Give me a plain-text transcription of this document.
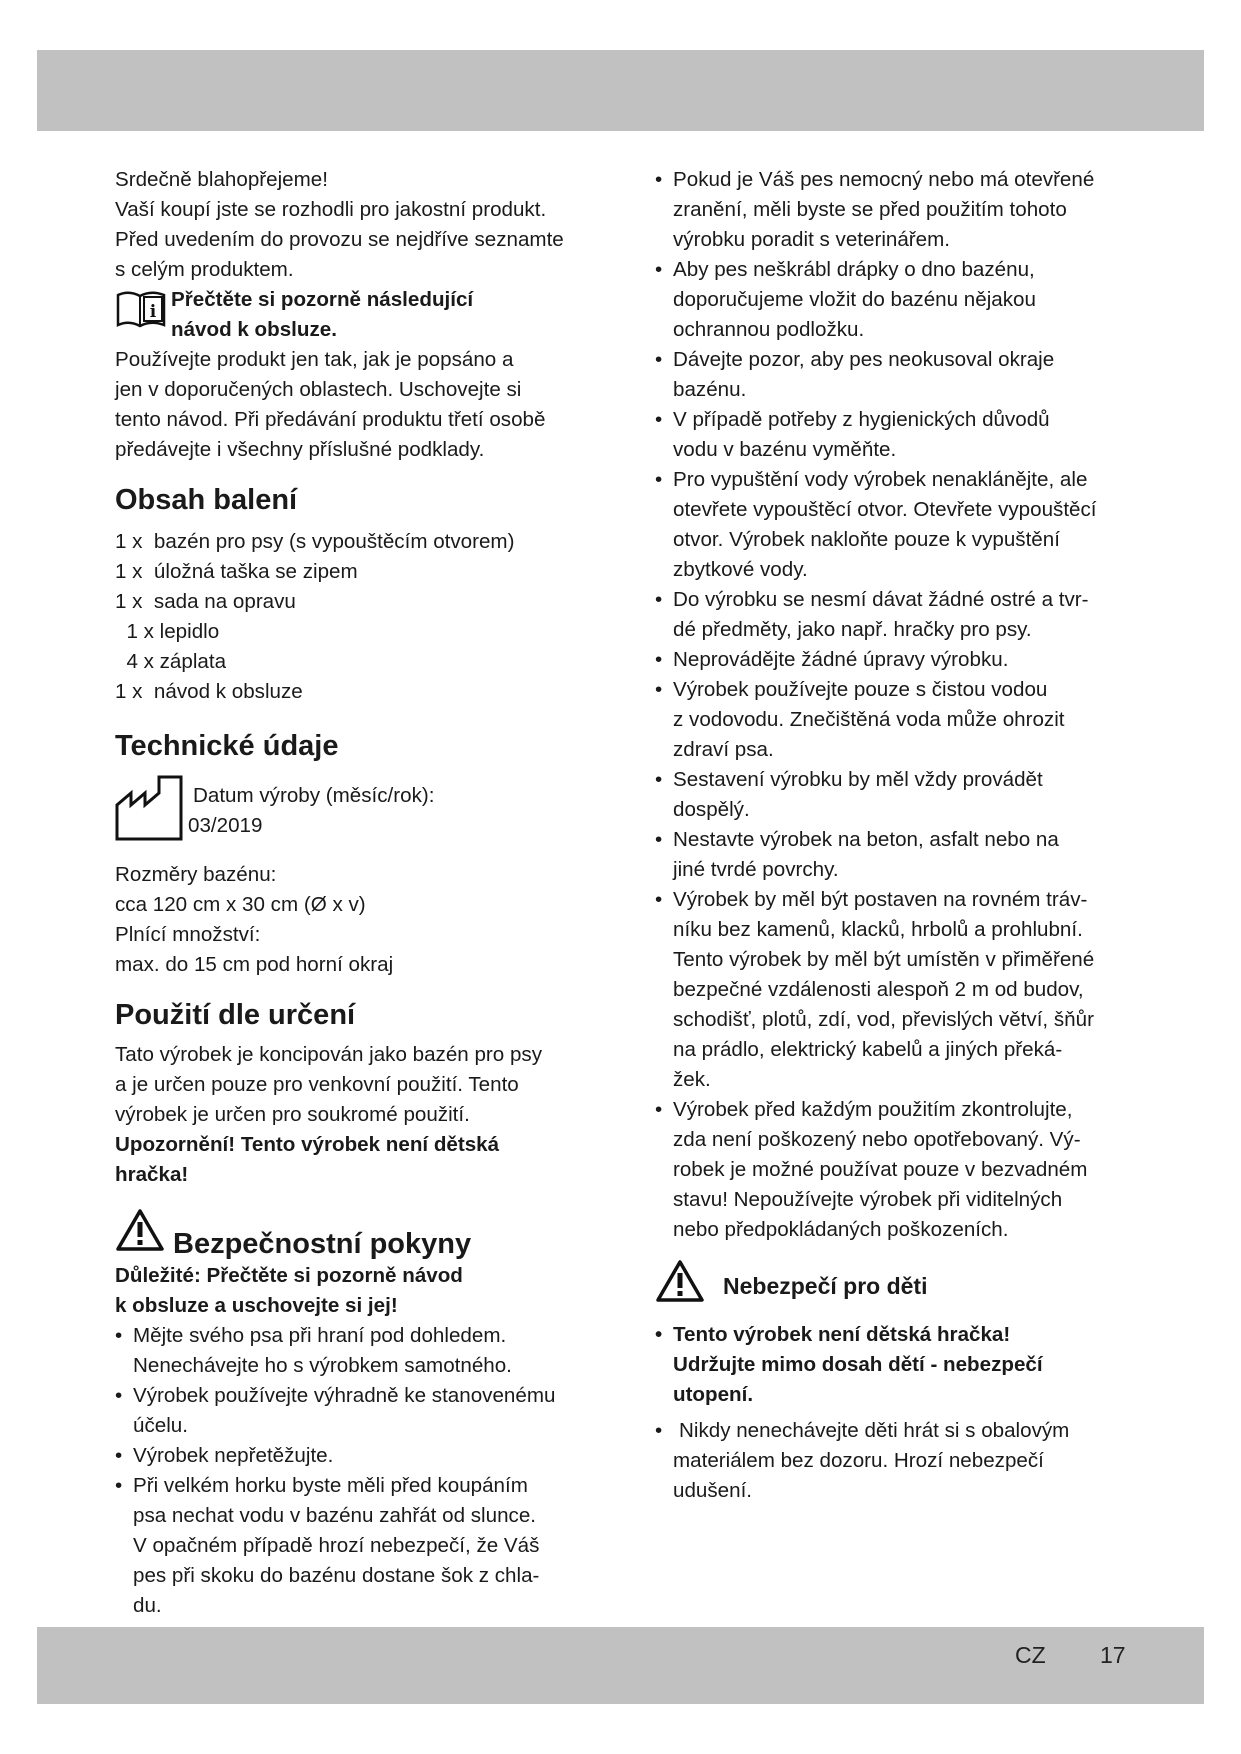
Srdečně blahopřejeme!

Vaší koupí jste se rozhodli pro jakostní produkt.

Před uvedením do provozu se nejdříve seznamte

s celým produktem.

i

Přečtěte si pozorně následující

návod k obsluze.

Používejte produkt jen tak, jak je popsáno a

jen v doporučených oblastech. Uschovejte si

tento návod. Při předávání produktu třetí osobě

předávejte i všechny příslušné podklady.

Obsah balení

1 x  bazén pro psy (s vypouštěcím otvorem)

1 x  úložná taška se zipem

1 x  sada na opravu

1 x lepidlo

4 x záplata

1 x  návod k obsluze

Technické údaje

Datum výroby (měsíc/rok):

03/2019

Rozměry bazénu:

cca 120 cm x 30 cm (Ø x v)

Plnící množství:

max. do 15 cm pod horní okraj

Použití dle určení

Tato výrobek je koncipován jako bazén pro psy

a je určen pouze pro venkovní použití. Tento

výrobek je určen pro soukromé použití.

Upozornění! Tento výrobek není dětská

hračka!

Bezpečnostní pokyny

Důležité: Přečtěte si pozorně návod

k obsluze a uschovejte si jej!

• Mějte svého psa při hraní pod dohledem.

Nenechávejte ho s výrobkem samotného.

• Výrobek používejte výhradně ke stanovenému

účelu.

• Výrobek nepřetěžujte.

• Při velkém horku byste měli před koupáním

psa nechat vodu v bazénu zahřát od slunce.

V opačném případě hrozí nebezpečí, že Váš

pes při skoku do bazénu dostane šok z chla-

du.

• Pokud je Váš pes nemocný nebo má otevřené

zranění, měli byste se před použitím tohoto

výrobku poradit s veterinářem.

• Aby pes neškrábl drápky o dno bazénu,

doporučujeme vložit do bazénu nějakou

ochrannou podložku.

• Dávejte pozor, aby pes neokusoval okraje

bazénu.

• V případě potřeby z hygienických důvodů

vodu v bazénu vyměňte.

• Pro vypuštění vody výrobek nenaklánějte, ale

otevřete vypouštěcí otvor. Otevřete vypouštěcí

otvor. Výrobek nakloňte pouze k vypuštění

zbytkové vody.

• Do výrobku se nesmí dávat žádné ostré a tvr-

dé předměty, jako např. hračky pro psy.

• Neprovádějte žádné úpravy výrobku.

• Výrobek používejte pouze s čistou vodou

z vodovodu. Znečištěná voda může ohrozit

zdraví psa.

• Sestavení výrobku by měl vždy provádět

dospělý.

• Nestavte výrobek na beton, asfalt nebo na

jiné tvrdé povrchy.

• Výrobek by měl být postaven na rovném tráv-

níku bez kamenů, klacků, hrbolů a prohlubní.

Tento výrobek by měl být umístěn v přiměřené

bezpečné vzdálenosti alespoň 2 m od budov,

schodišť, plotů, zdí, vod, převislých větví, šňůr

na prádlo, elektrický kabelů a jiných překá-

žek.

• Výrobek před každým použitím zkontrolujte,

zda není poškozený nebo opotřebovaný. Vý-

robek je možné používat pouze v bezvadném

stavu! Nepoužívejte výrobek při viditelných

nebo předpokládaných poškozeních.

Nebezpečí pro děti

• Tento výrobek není dětská hračka!

Udržujte mimo dosah dětí - nebezpečí

utopení.

• Nikdy nenechávejte děti hrát si s obalovým

materiálem bez dozoru. Hrozí nebezpečí

udušení.

CZ 17
